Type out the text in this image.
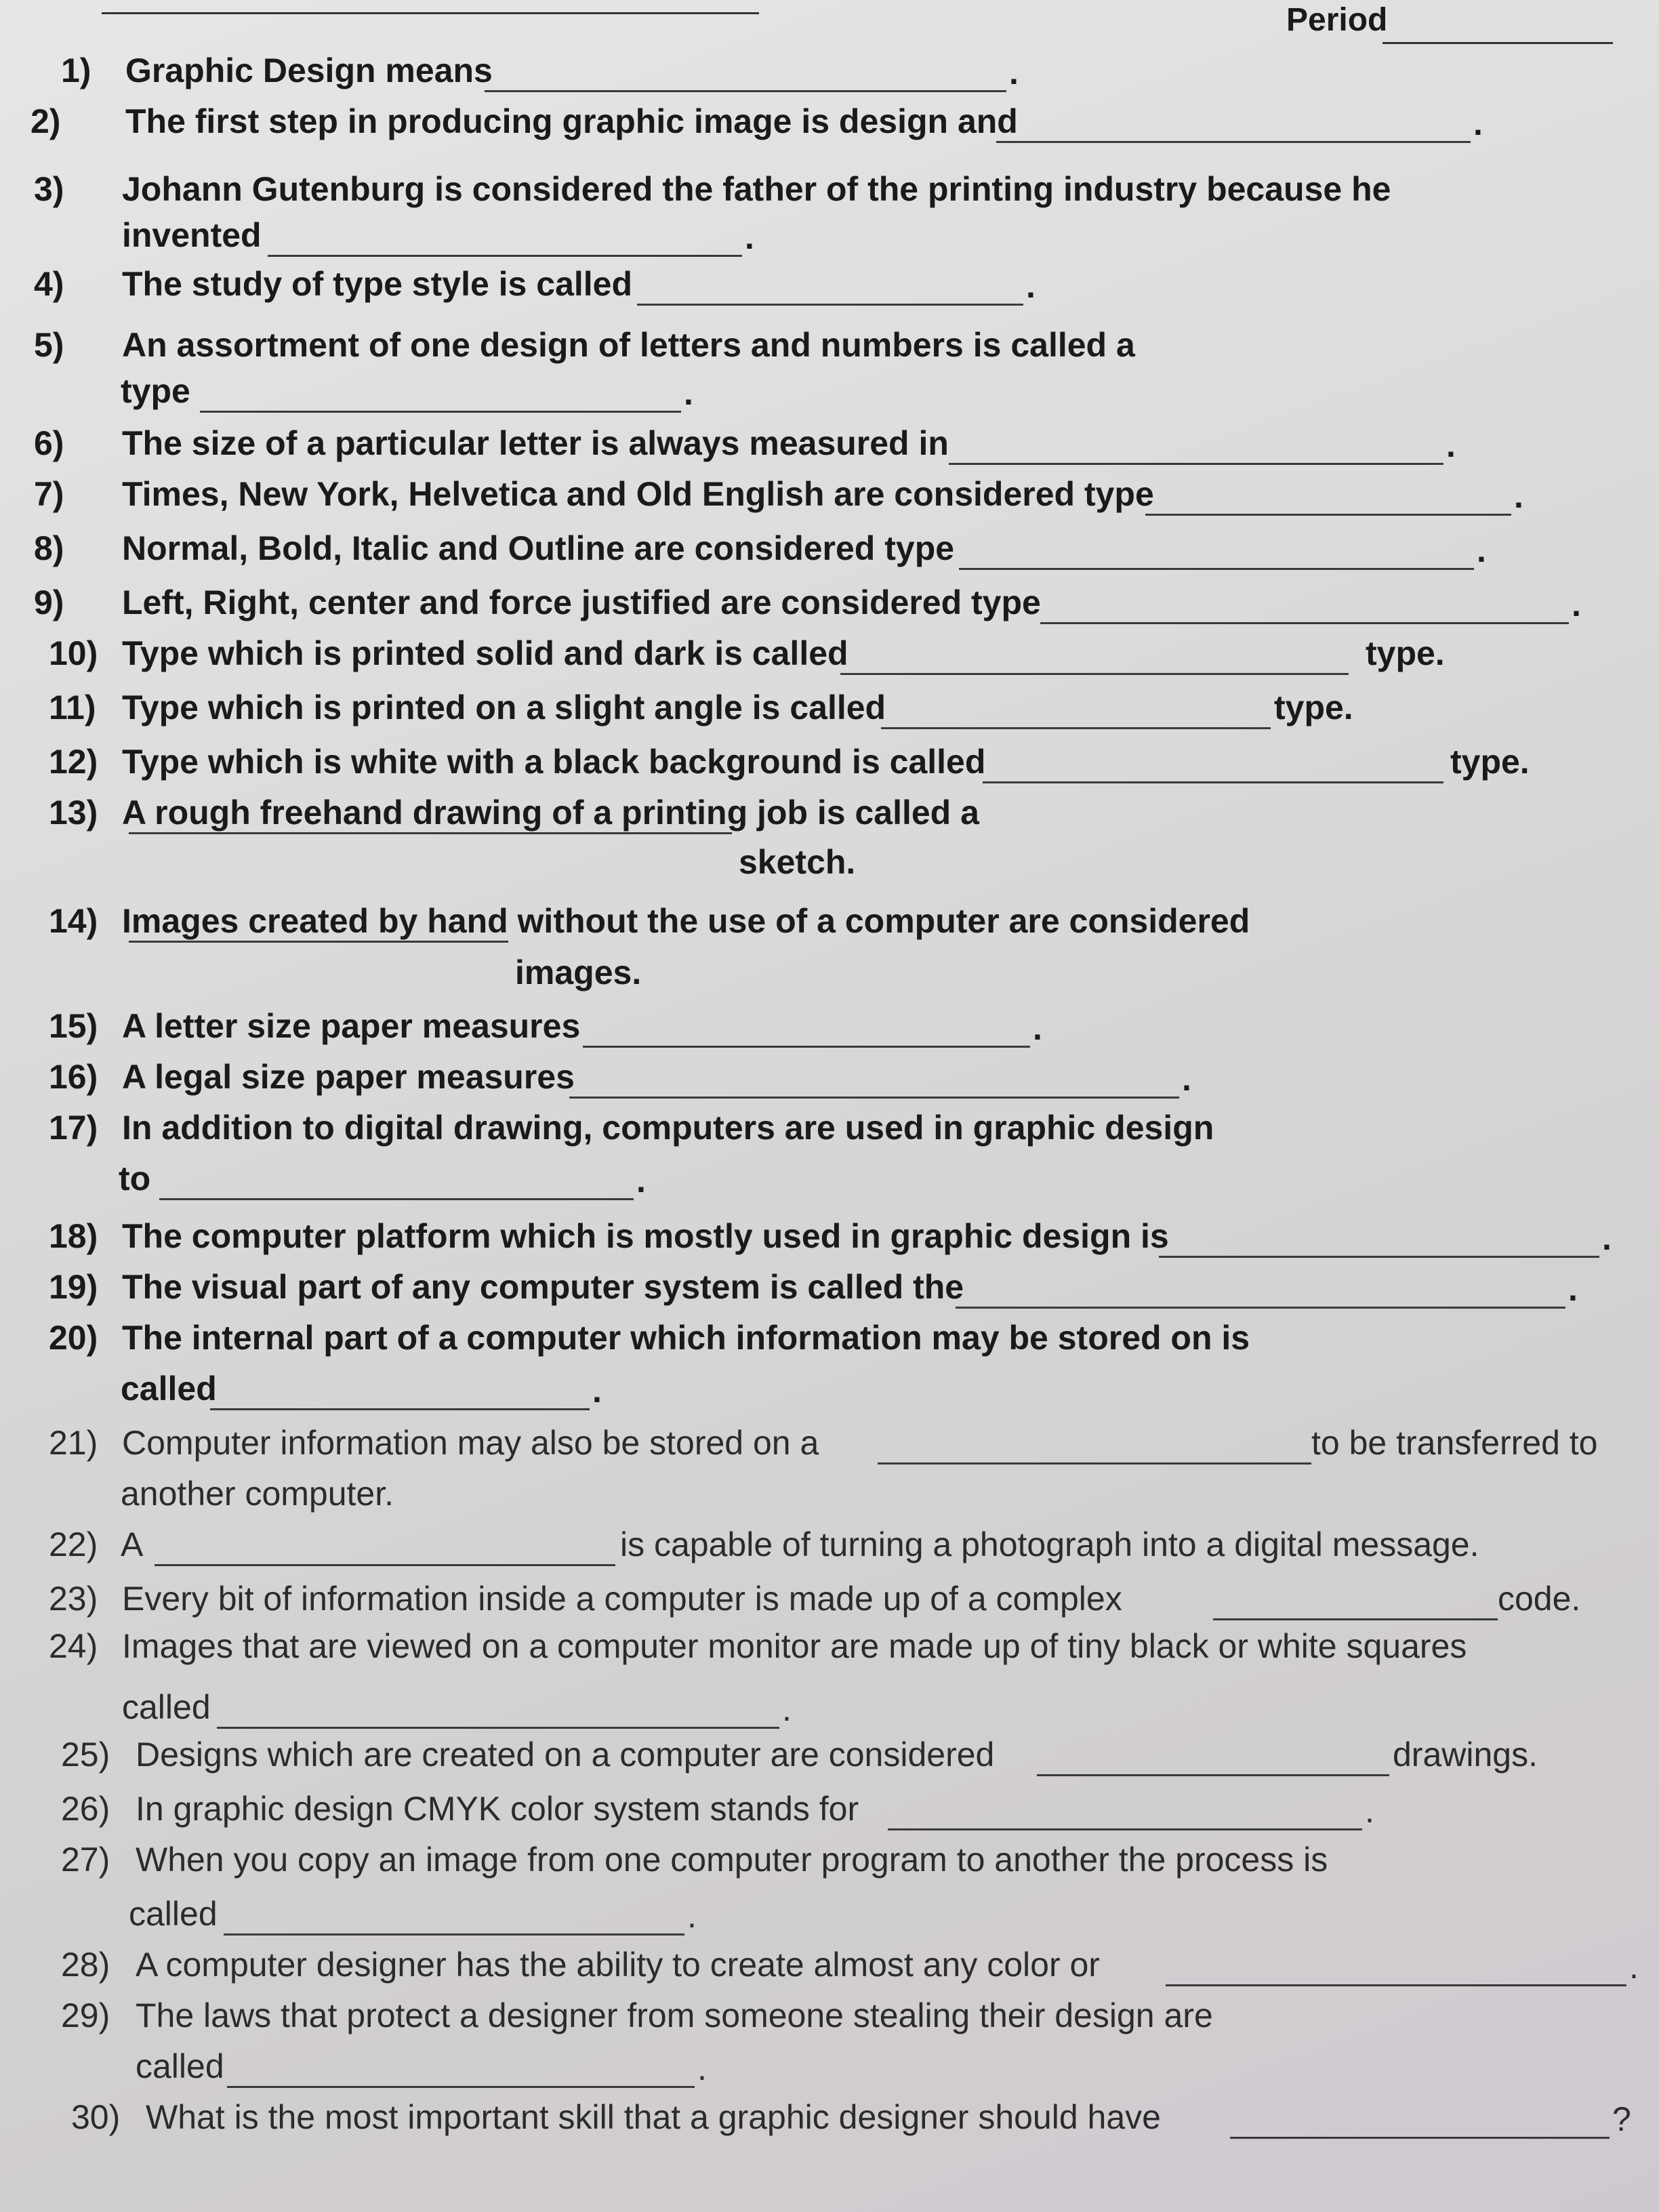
Period
1) Graphic Design means	.
2) The first step in producing graphic image is design and	.
3) Johann Gutenburg is considered the father of the printing industry because he
invented	.
4) The study of type style is called	.
5) An assortment of one design of letters and numbers is called a
type	.
6) The size of a particular letter is always measured in	.
7) Times, New York, Helvetica and Old English are considered type	.
8) Normal, Bold, Italic and Outline are considered type	.
9) Left, Right, center and force justified are considered type	.
10) Type which is printed solid and dark is called	type.
11) Type which is printed on a slight angle is called	type.
12) Type which is white with a black background is called	type.
13) A rough freehand drawing of a printing job is called a
sketch.
14) Images created by hand without the use of a computer are considered
images.
15) A letter size paper measures	.
16) A legal size paper measures	.
17) In addition to digital drawing, computers are used in graphic design
to	.
18) The computer platform which is mostly used in graphic design is	.
19) The visual part of any computer system is called the	.
20) The internal part of a computer which information may be stored on is
called	.
21) Computer information may also be stored on a
another computer.
to be transferred to
22) A	is capable of turning a photograph into a digital message.
23) Every bit of information inside a computer is made up of a complex	code.
24) Images that are viewed on a computer monitor are made up of tiny black or white squares
called	.
25) Designs which are created on a computer are considered	drawings.
26) In graphic design CMYK color system stands for	.
27) When you copy an image from one computer program to another the process is
called	.
28) A computer designer has the ability to create almost any color or	.
29) The laws that protect a designer from someone stealing their design are
called	.
30) What is the most important skill that a graphic designer should have	?
